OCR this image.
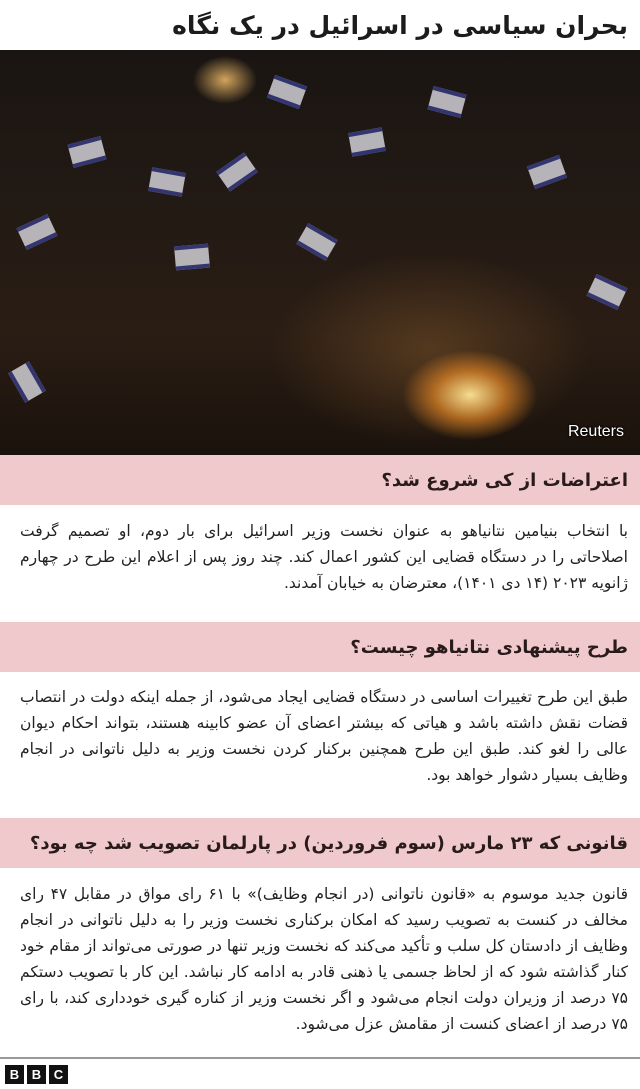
بحران سیاسی در اسرائیل در یک نگاه
Reuters
اعتراضات از کی شروع شد؟
با انتخاب بنیامین نتانیاهو به عنوان نخست وزیر اسرائیل برای بار دوم، او تصمیم گرفت اصلاحاتی را در دستگاه قضایی این کشور اعمال کند. چند روز پس از اعلام این طرح در چهارم ژانویه ۲۰۲۳ (۱۴ دی ۱۴۰۱)، معترضان به خیابان آمدند.
طرح پیشنهادی نتانیاهو چیست؟
طبق این طرح تغییرات اساسی در دستگاه قضایی ایجاد می‌شود، از جمله اینکه دولت در انتصاب قضات نقش داشته باشد و هیاتی که بیشتر اعضای آن عضو کابینه هستند، بتواند احکام دیوان عالی را لغو کند. طبق این طرح همچنین برکنار کردن نخست وزیر به دلیل ناتوانی در انجام وظایف بسیار دشوار خواهد بود.
قانونی که ۲۳ مارس (سوم فروردین) در پارلمان تصویب شد چه بود؟
قانون جدید موسوم به «قانون ناتوانی (در انجام وظایف)» با ۶۱ رای مواق در مقابل ۴۷ رای مخالف در کنست به تصویب رسید که امکان برکناری نخست وزیر را به دلیل ناتوانی در انجام وظایف از دادستان کل سلب و تأکید می‌کند که نخست وزیر تنها در صورتی می‌تواند از مقام خود کنار گذاشته شود که از لحاظ جسمی یا ذهنی قادر به ادامه کار نباشد. این کار با تصویب دستکم ۷۵ درصد از وزیران دولت انجام می‌شود و اگر نخست وزیر از کناره گیری خودداری کند، با رای ۷۵ درصد از اعضای کنست از مقامش عزل می‌شود.
B B C
